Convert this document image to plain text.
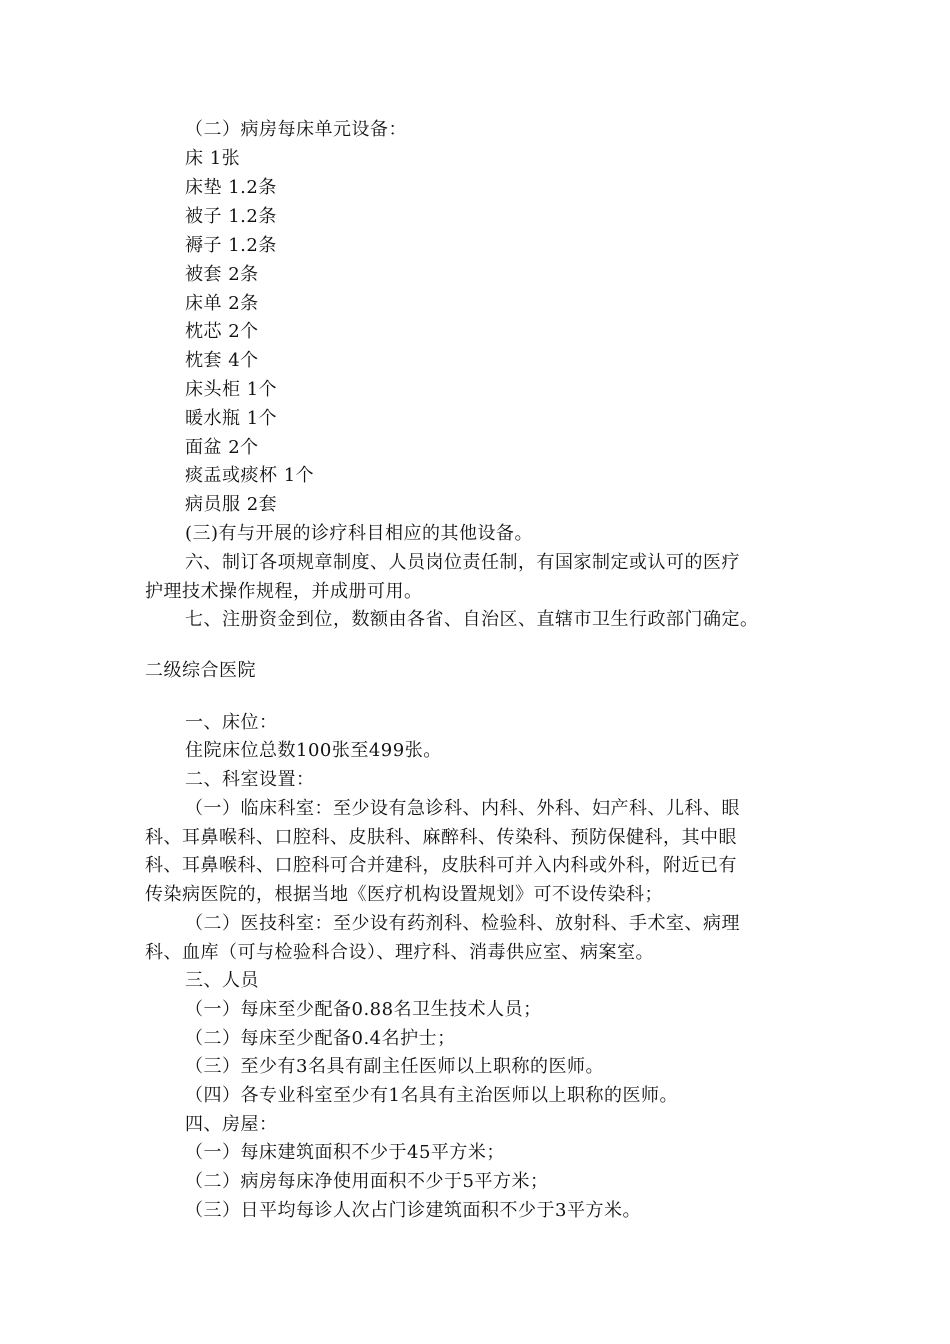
（二）病房每床单元设备：
床 1张
床垫 1.2条
被子 1.2条
褥子 1.2条
被套 2条
床单 2条
枕芯 2个
枕套 4个
床头柜 1个
暖水瓶 1个
面盆 2个
痰盂或痰杯 1个
病员服 2套
(三)有与开展的诊疗科目相应的其他设备。
六、制订各项规章制度、人员岗位责任制，有国家制定或认可的医疗
护理技术操作规程，并成册可用。
七、注册资金到位，数额由各省、自治区、直辖市卫生行政部门确定。
二级综合医院
一、床位：
住院床位总数100张至499张。
二、科室设置：
（一）临床科室：至少设有急诊科、内科、外科、妇产科、儿科、眼
科、耳鼻喉科、口腔科、皮肤科、麻醉科、传染科、预防保健科，其中眼
科、耳鼻喉科、口腔科可合并建科，皮肤科可并入内科或外科，附近已有
传染病医院的，根据当地《医疗机构设置规划》可不设传染科；
（二）医技科室：至少设有药剂科、检验科、放射科、手术室、病理
科、血库（可与检验科合设）、理疗科、消毒供应室、病案室。
三、人员
（一）每床至少配备0.88名卫生技术人员；
（二）每床至少配备0.4名护士；
（三）至少有3名具有副主任医师以上职称的医师。
（四）各专业科室至少有1名具有主治医师以上职称的医师。
四、房屋：
（一）每床建筑面积不少于45平方米；
（二）病房每床净使用面积不少于5平方米；
（三）日平均每诊人次占门诊建筑面积不少于3平方米。
